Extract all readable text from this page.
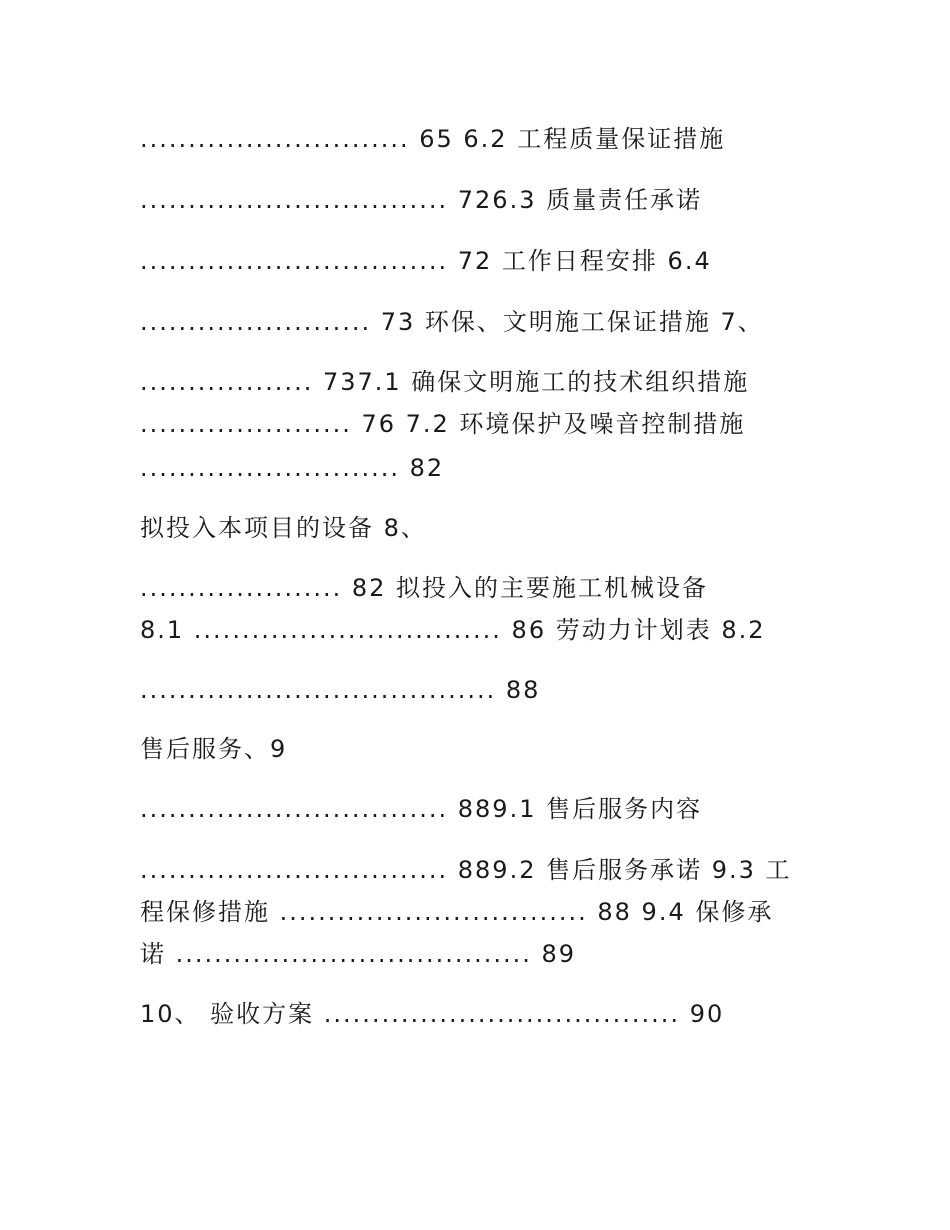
............................ 65 6.2 工程质量保证措施
................................ 726.3 质量责任承诺
................................ 72 工作日程安排 6.4
........................ 73 环保、文明施工保证措施 7、
.................. 737.1 确保文明施工的技术组织措施
...................... 76 7.2 环境保护及噪音控制措施
........................... 82
拟投入本项目的设备 8、
..................... 82 拟投入的主要施工机械设备
8.1 ................................ 86 劳动力计划表 8.2
..................................... 88
售后服务、9
................................ 889.1 售后服务内容
................................ 889.2 售后服务承诺 9.3 工
程保修措施 ................................ 88 9.4 保修承
诺 ..................................... 89
10、 验收方案 ..................................... 90
